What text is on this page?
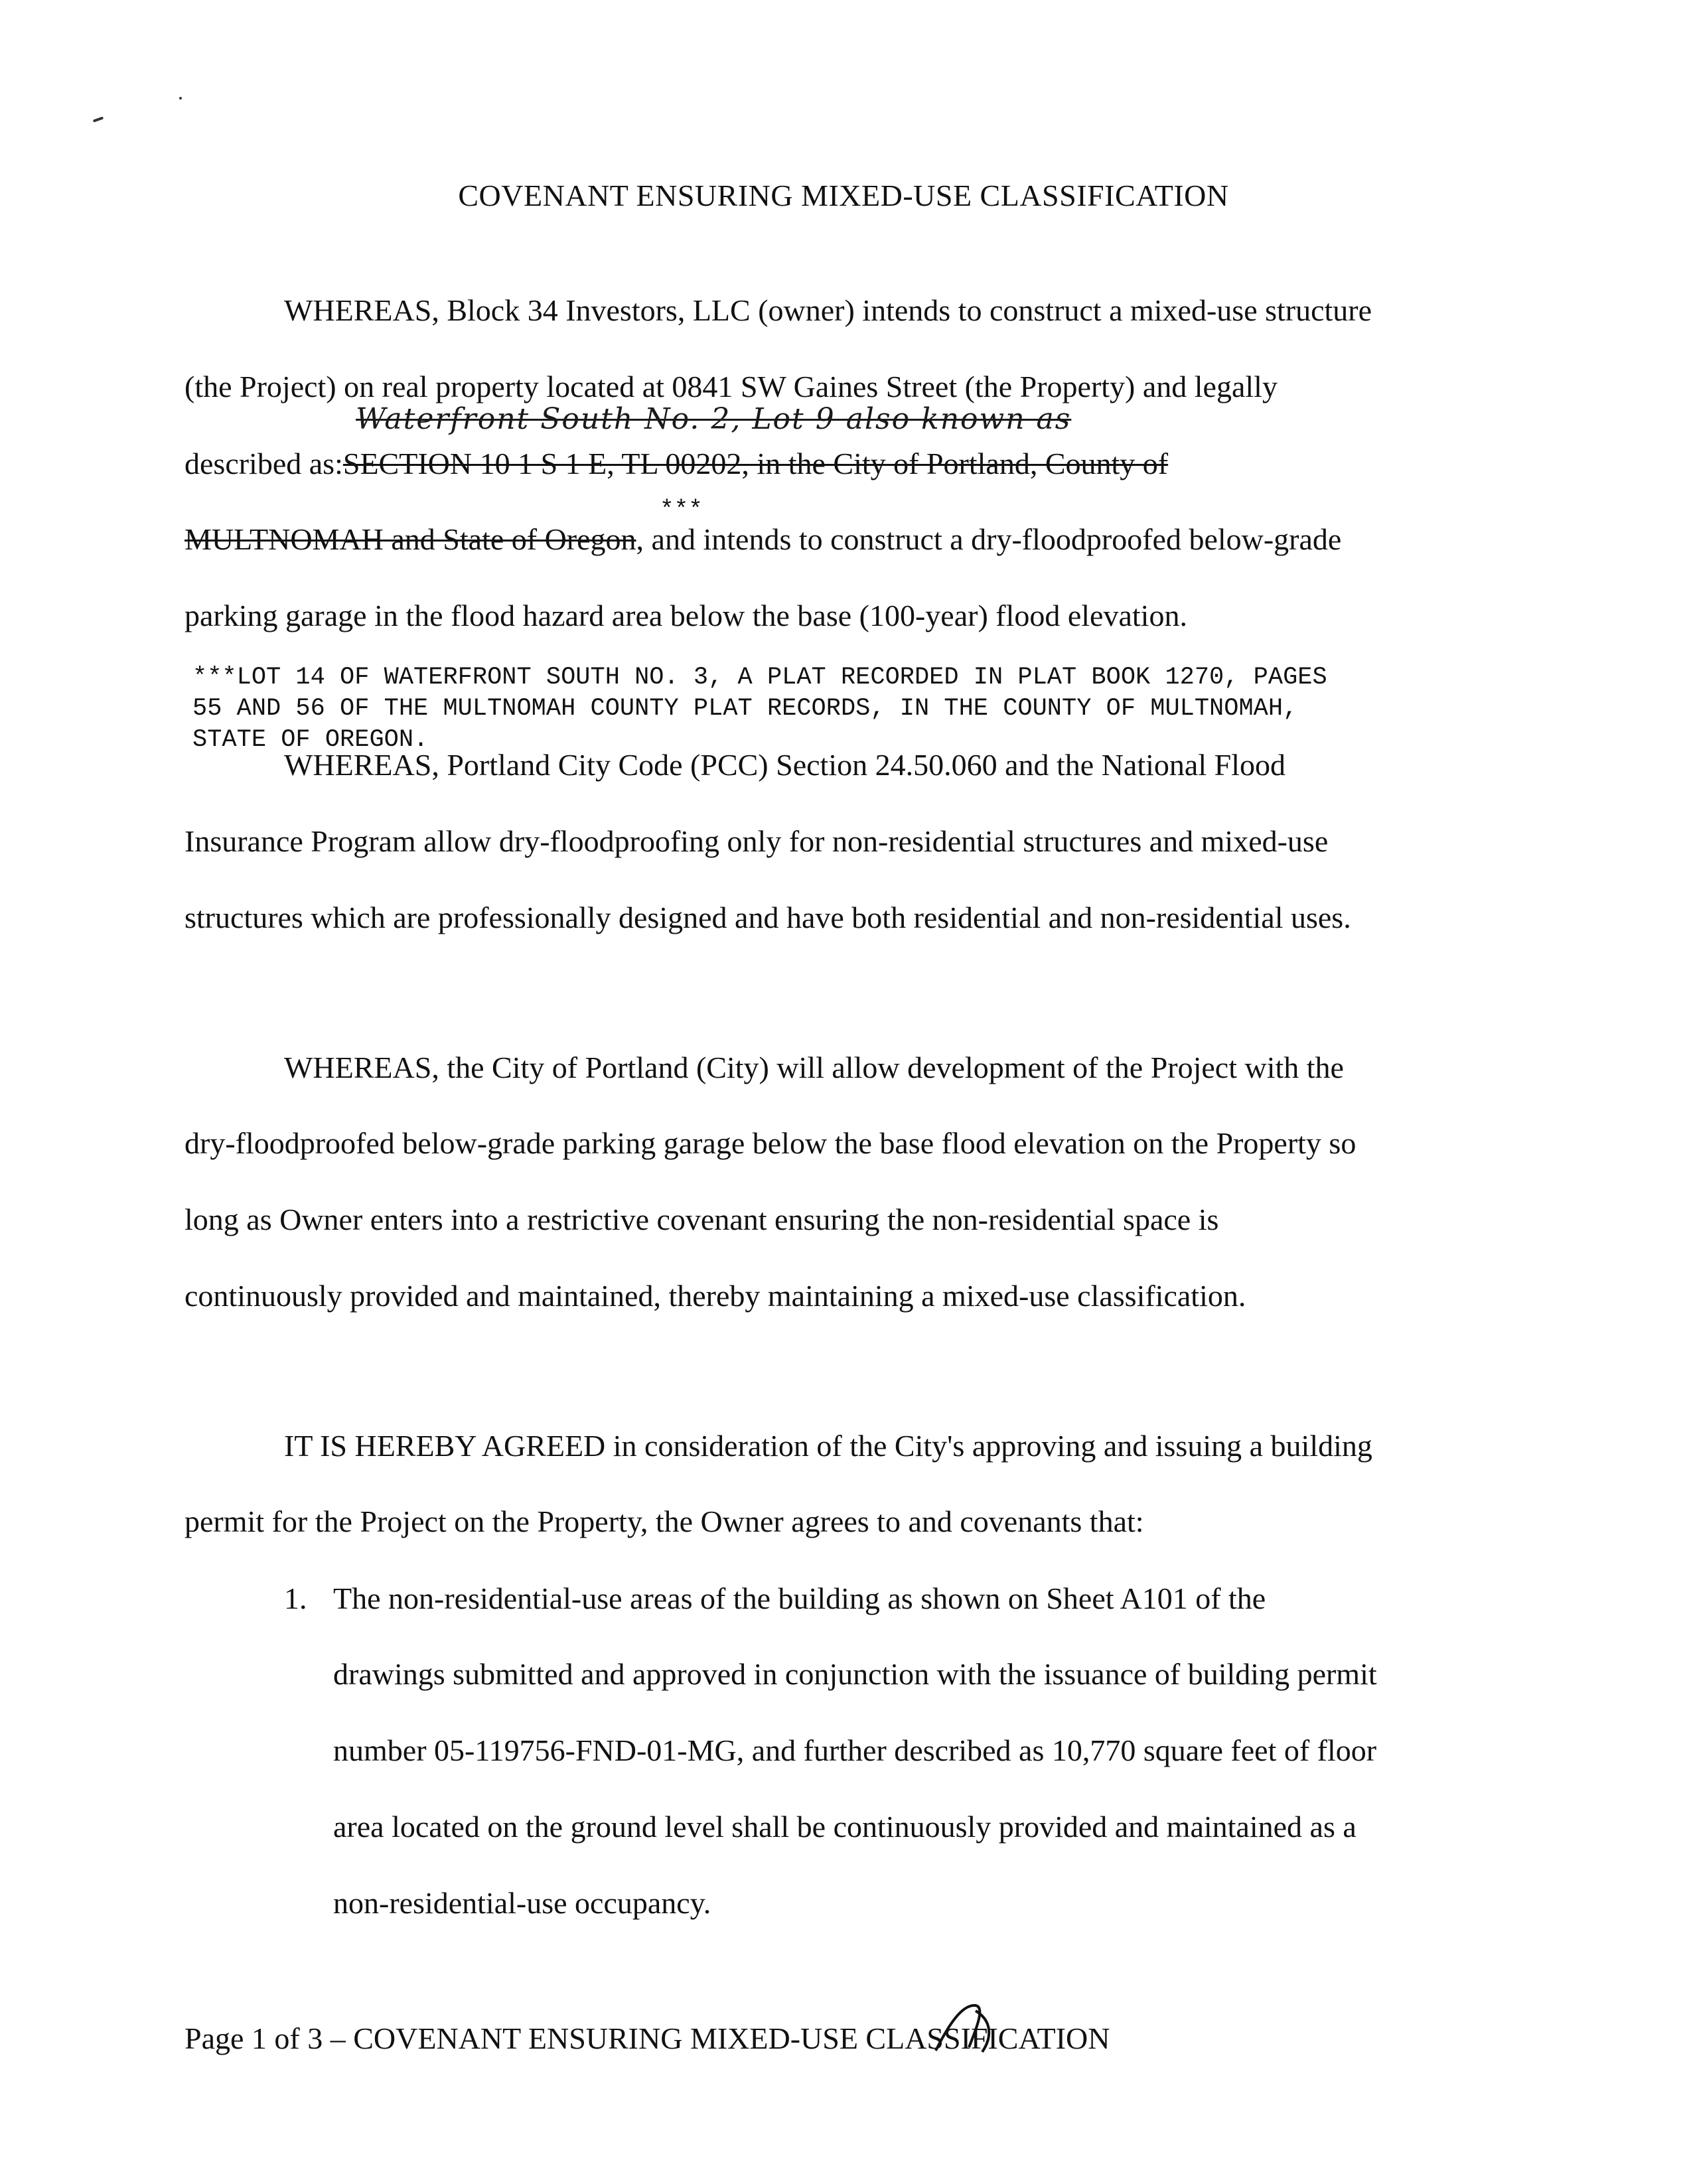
COVENANT ENSURING MIXED-USE CLASSIFICATION
WHEREAS, Block 34 Investors, LLC (owner) intends to construct a mixed-use structure
(the Project) on real property located at 0841 SW Gaines Street (the Property) and legally
Waterfront South No. 2, Lot 9 also known as
described as:SECTION 10 1 S 1 E, TL 00202, in the City of Portland, County of
***
MULTNOMAH and State of Oregon, and intends to construct a dry-floodproofed below-grade
parking garage in the flood hazard area below the base (100-year) flood elevation.
***LOT 14 OF WATERFRONT SOUTH NO. 3, A PLAT RECORDED IN PLAT BOOK 1270, PAGES
55 AND 56 OF THE MULTNOMAH COUNTY PLAT RECORDS, IN THE COUNTY OF MULTNOMAH,
STATE OF OREGON.
WHEREAS, Portland City Code (PCC) Section 24.50.060 and the National Flood
Insurance Program allow dry-floodproofing only for non-residential structures and mixed-use
structures which are professionally designed and have both residential and non-residential uses.
WHEREAS, the City of Portland (City) will allow development of the Project with the
dry-floodproofed below-grade parking garage below the base flood elevation on the Property so
long as Owner enters into a restrictive covenant ensuring the non-residential space is
continuously provided and maintained, thereby maintaining a mixed-use classification.
IT IS HEREBY AGREED in consideration of the City's approving and issuing a building
permit for the Project on the Property, the Owner agrees to and covenants that:
1. The non-residential-use areas of the building as shown on Sheet A101 of the
drawings submitted and approved in conjunction with the issuance of building permit
number 05-119756-FND-01-MG, and further described as 10,770 square feet of floor
area located on the ground level shall be continuously provided and maintained as a
non-residential-use occupancy.
Page 1 of 3 – COVENANT ENSURING MIXED-USE CLASSIFICATION
